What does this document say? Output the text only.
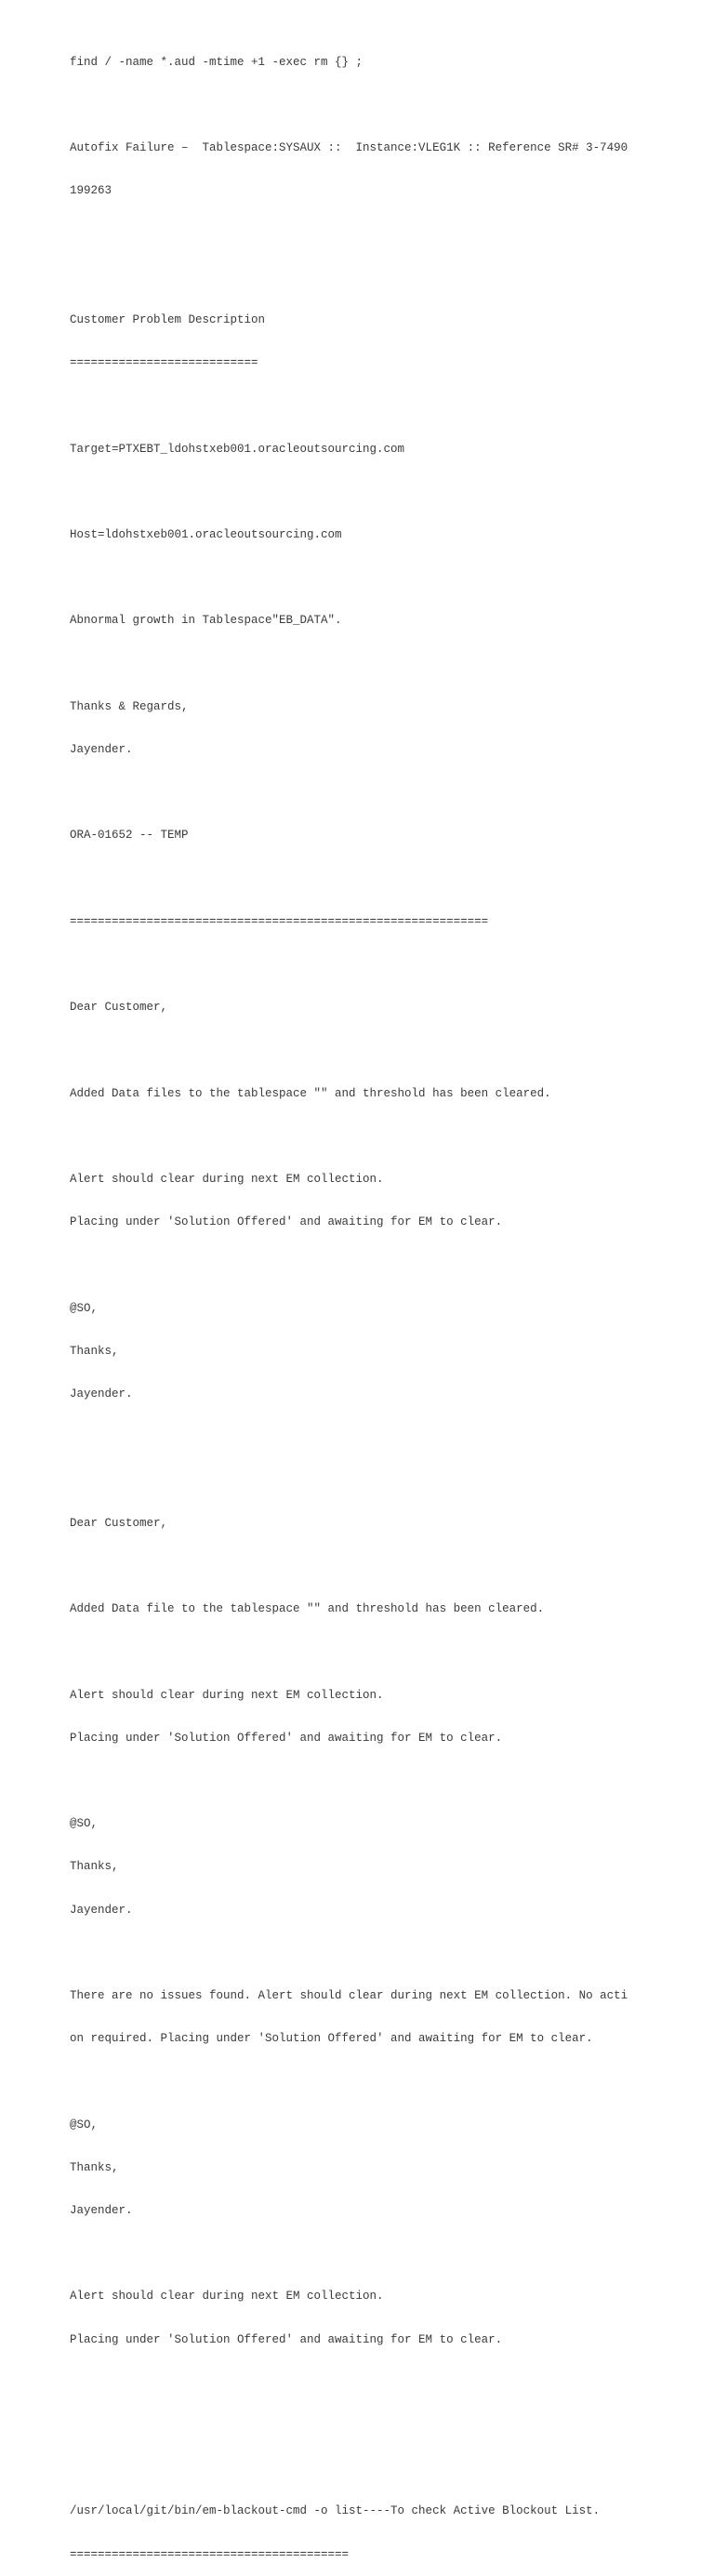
find / -name *.aud -mtime +1 -exec rm {} ;

Autofix Failure –  Tablespace:SYSAUX ::  Instance:VLEG1K :: Reference SR# 3-7490

199263

Customer Problem Description

===========================

Target=PTXEBT_ldohstxeb001.oracleoutsourcing.com

Host=ldohstxeb001.oracleoutsourcing.com

Abnormal growth in Tablespace"EB_DATA".

Thanks & Regards,

Jayender.

ORA-01652 -- TEMP

============================================================

Dear Customer,

Added Data files to the tablespace "" and threshold has been cleared.

Alert should clear during next EM collection.

Placing under 'Solution Offered' and awaiting for EM to clear.

@SO,

Thanks,

Jayender.

Dear Customer,

Added Data file to the tablespace "" and threshold has been cleared.

Alert should clear during next EM collection.

Placing under 'Solution Offered' and awaiting for EM to clear.

@SO,

Thanks,

Jayender.

There are no issues found. Alert should clear during next EM collection. No acti

on required. Placing under 'Solution Offered' and awaiting for EM to clear.

@SO,

Thanks,

Jayender.

Alert should clear during next EM collection.

Placing under 'Solution Offered' and awaiting for EM to clear.

/usr/local/git/bin/em-blackout-cmd -o list----To check Active Blockout List.

========================================
